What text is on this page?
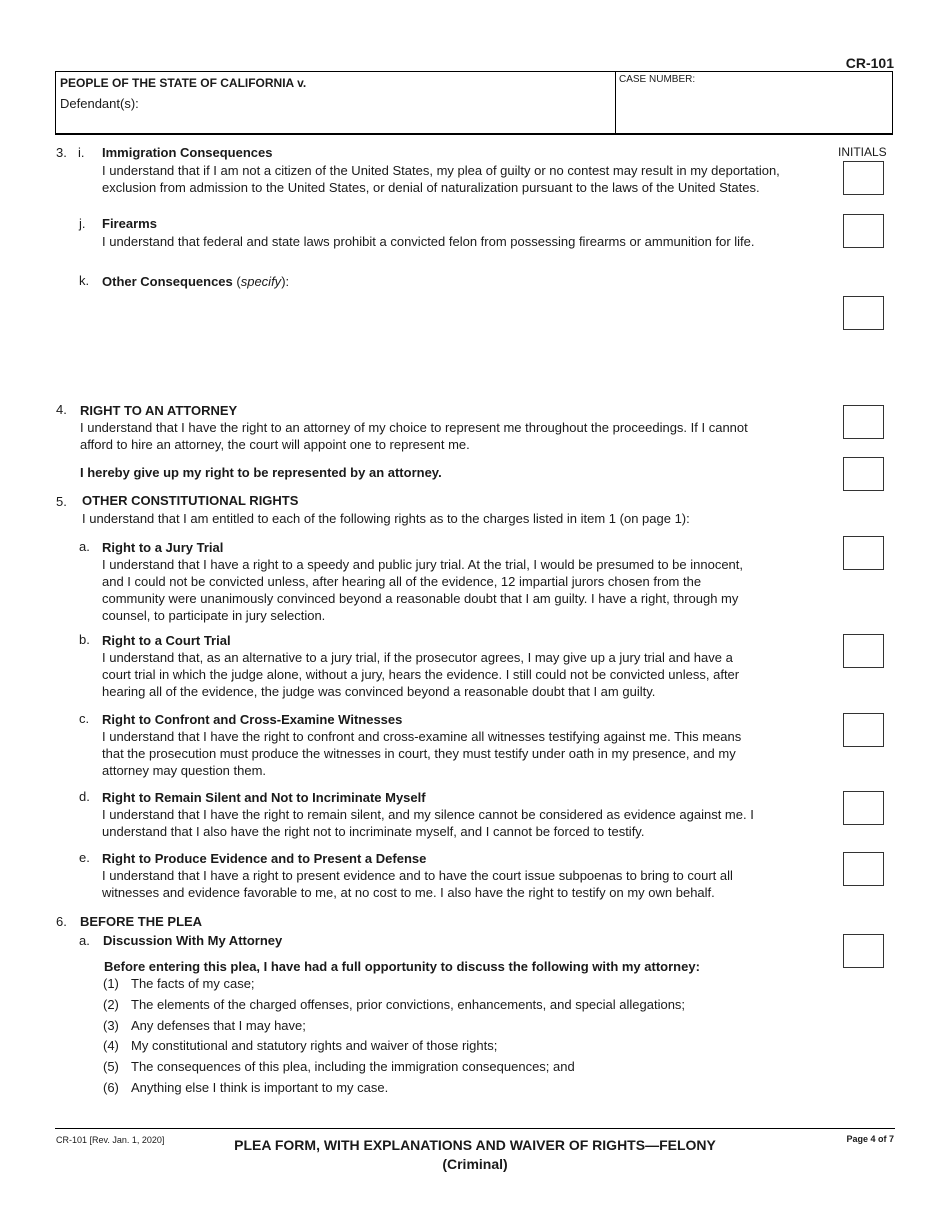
CR-101
PEOPLE OF THE STATE OF CALIFORNIA v.
Defendant(s):
CASE NUMBER:
INITIALS
3. i. Immigration Consequences
I understand that if I am not a citizen of the United States, my plea of guilty or no contest may result in my deportation,
exclusion from admission to the United States, or denial of naturalization pursuant to the laws of the United States.
j. Firearms
I understand that federal and state laws prohibit a convicted felon from possessing firearms or ammunition for life.
k. Other Consequences (specify):
4. RIGHT TO AN ATTORNEY
I understand that I have the right to an attorney of my choice to represent me throughout the proceedings. If I cannot
afford to hire an attorney, the court will appoint one to represent me.
I hereby give up my right to be represented by an attorney.
5. OTHER CONSTITUTIONAL RIGHTS
I understand that I am entitled to each of the following rights as to the charges listed in item 1 (on page 1):
a. Right to a Jury Trial
I understand that I have a right to a speedy and public jury trial. At the trial, I would be presumed to be innocent,
and I could not be convicted unless, after hearing all of the evidence, 12 impartial jurors chosen from the
community were unanimously convinced beyond a reasonable doubt that I am guilty. I have a right, through my
counsel, to participate in jury selection.
b. Right to a Court Trial
I understand that, as an alternative to a jury trial, if the prosecutor agrees, I may give up a jury trial and have a
court trial in which the judge alone, without a jury, hears the evidence. I still could not be convicted unless, after
hearing all of the evidence, the judge was convinced beyond a reasonable doubt that I am guilty.
c. Right to Confront and Cross-Examine Witnesses
I understand that I have the right to confront and cross-examine all witnesses testifying against me. This means
that the prosecution must produce the witnesses in court, they must testify under oath in my presence, and my
attorney may question them.
d. Right to Remain Silent and Not to Incriminate Myself
I understand that I have the right to remain silent, and my silence cannot be considered as evidence against me. I
understand that I also have the right not to incriminate myself, and I cannot be forced to testify.
e. Right to Produce Evidence and to Present a Defense
I understand that I have a right to present evidence and to have the court issue subpoenas to bring to court all
witnesses and evidence favorable to me, at no cost to me. I also have the right to testify on my own behalf.
6. BEFORE THE PLEA
a. Discussion With My Attorney
Before entering this plea, I have had a full opportunity to discuss the following with my attorney:
(1) The facts of my case;
(2) The elements of the charged offenses, prior convictions, enhancements, and special allegations;
(3) Any defenses that I may have;
(4) My constitutional and statutory rights and waiver of those rights;
(5) The consequences of this plea, including the immigration consequences; and
(6) Anything else I think is important to my case.
CR-101 [Rev. Jan. 1, 2020]	PLEA FORM, WITH EXPLANATIONS AND WAIVER OF RIGHTS—FELONY
(Criminal)
Page 4 of 7
